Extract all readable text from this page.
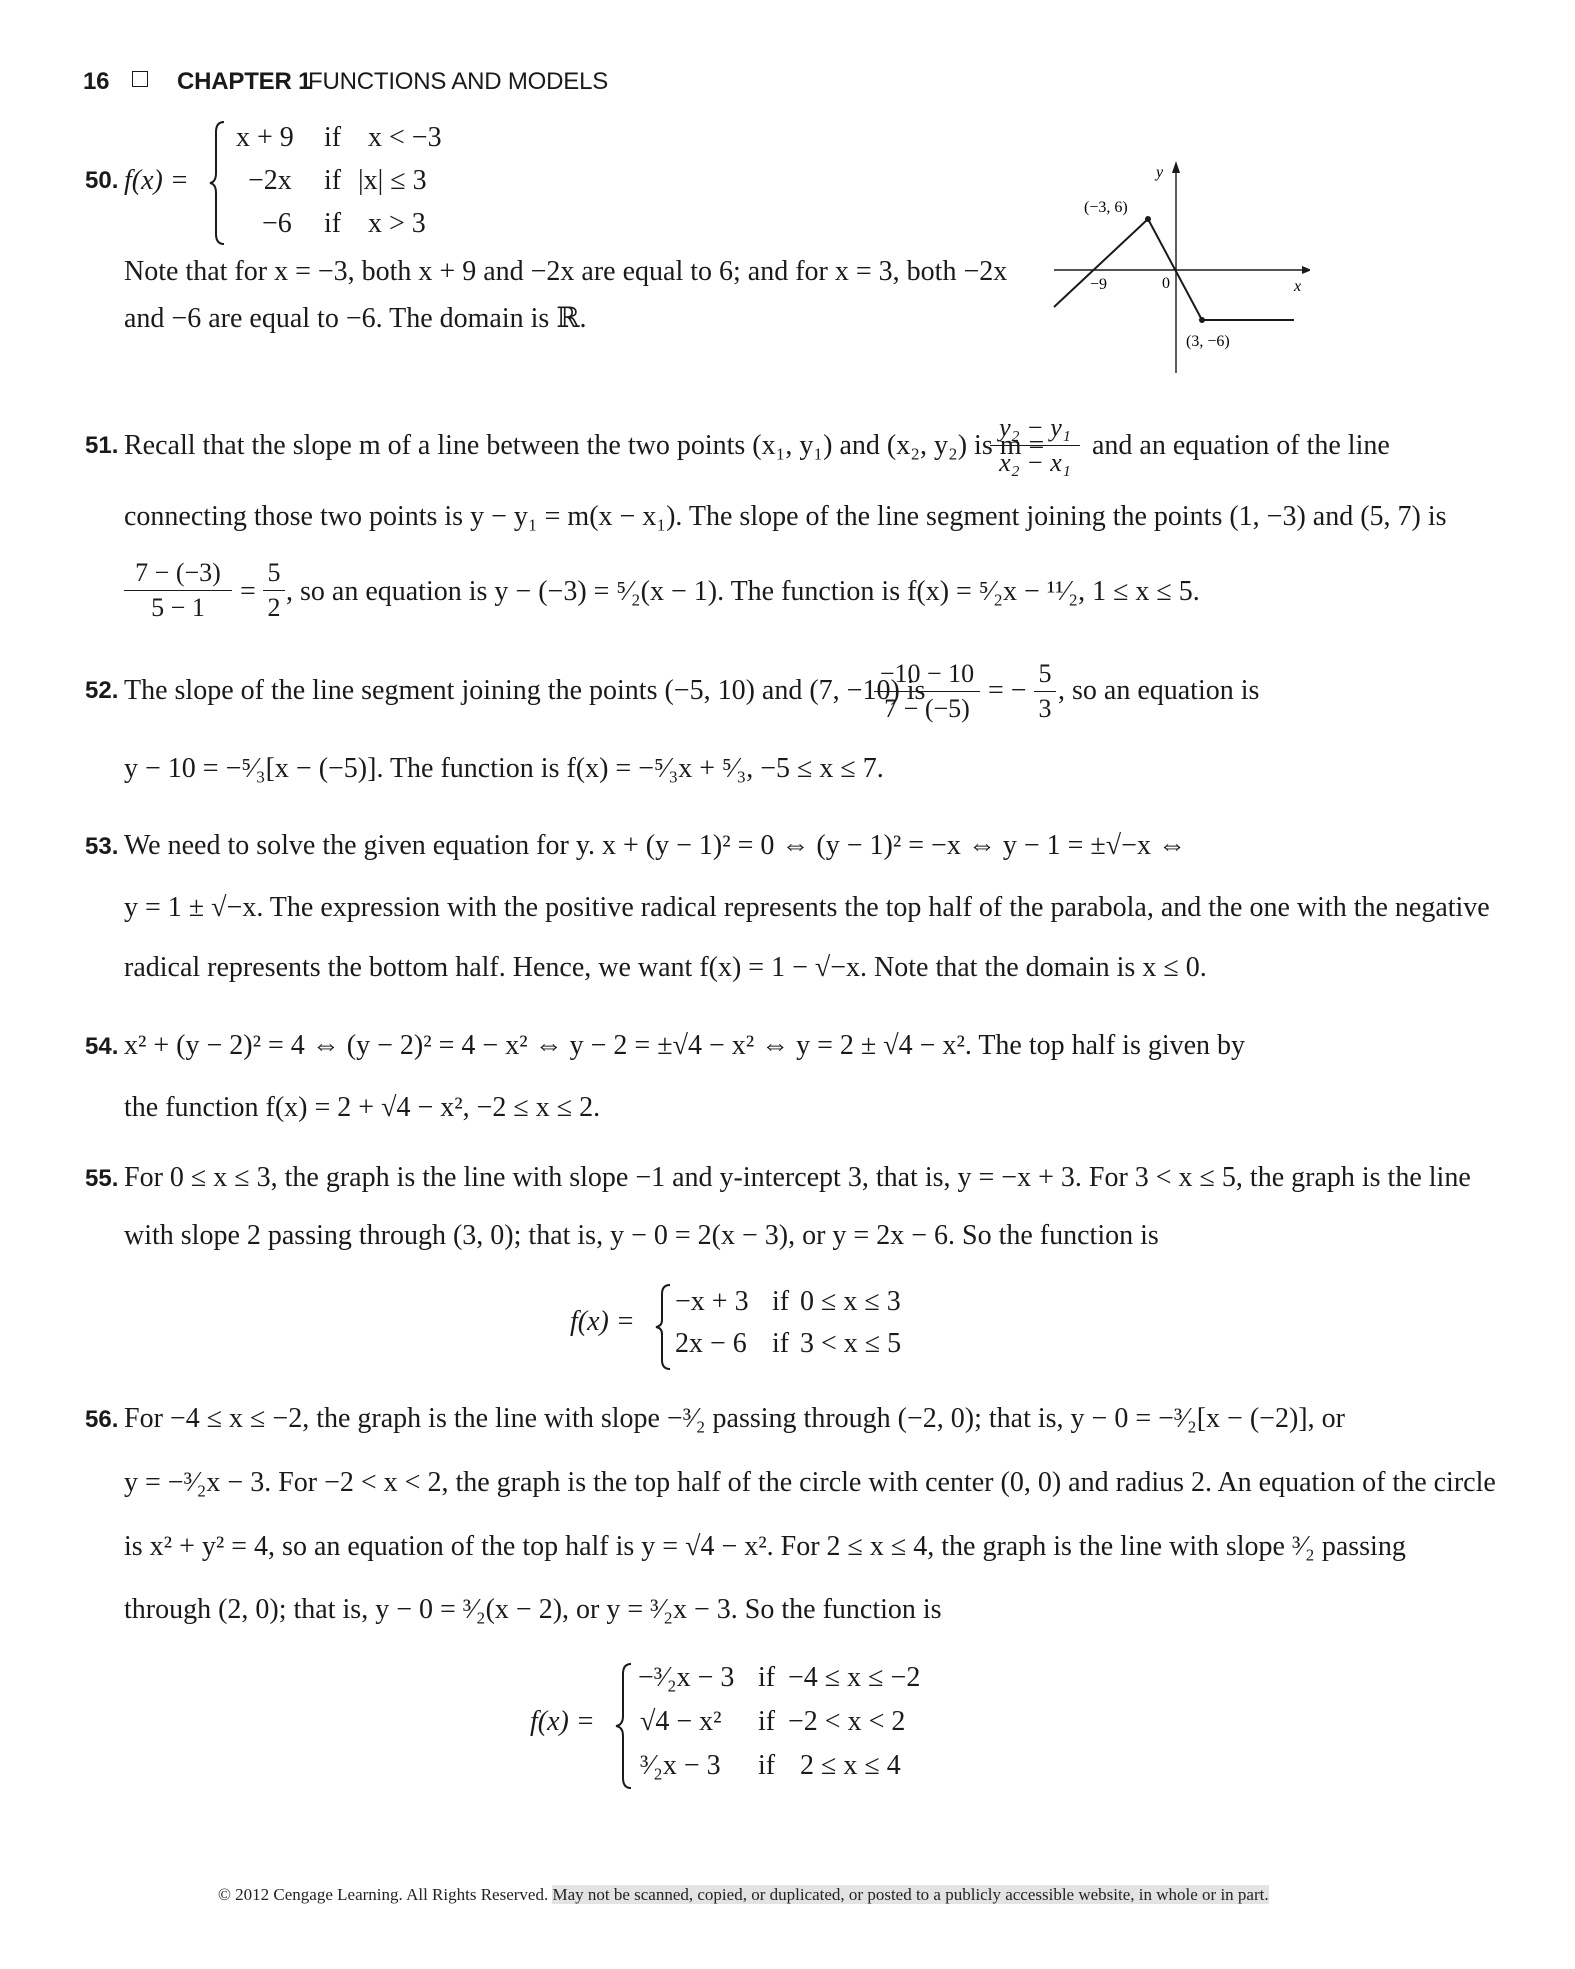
16	CHAPTER 1
FUNCTIONS AND MODELS
50. f(x) =
x + 9 if x < −3
−2x if |x| ≤ 3
−6 if x > 3
Note that for x = −3, both x + 9 and −2x are equal to 6; and for x = 3, both −2x
and −6 are equal to −6. The domain is ℝ.
y
x
0
−9
(−3, 6)
(3, −6)
51. Recall that the slope m of a line between the two points (x₁, y₁) and (x₂, y₂) is m =
$\frac{\text{y₂ − y₁}}{\text{x₂ − x₁}}$ and an equation of the line
connecting those two points is y − y₁ = m(x − x₁). The slope of the line segment joining the points (1, −3) and (5, 7) is
$\frac{7 - (-3)}{5 - 1} = \frac{5}{2}$ , so an equation is y − (−3) = ⁵⁄₂(x − 1). The function is f(x) = ⁵⁄₂x − ¹¹⁄₂, 1 ≤ x ≤ 5.
52. The slope of the line segment joining the points (−5, 10) and (7, −10) is
$\frac{-10 - 10}{7 - (-5)}$ = − $\frac{5}{3}$ , so an equation is
y − 10 = −⁵⁄₃[x − (−5)]. The function is f(x) = −⁵⁄₃x + ⁵⁄₃, −5 ≤ x ≤ 7.
53. We need to solve the given equation for y. x + (y − 1)² = 0 ⇔ (y − 1)² = −x ⇔ y − 1 = ±√−x ⇔
y = 1 ± √−x. The expression with the positive radical represents the top half of the parabola, and the one with the negative
radical represents the bottom half. Hence, we want f(x) = 1 − √−x. Note that the domain is x ≤ 0.
54. x² + (y − 2)² = 4 ⇔ (y − 2)² = 4 − x² ⇔ y − 2 = ±√4 − x² ⇔ y = 2 ± √4 − x². The top half is given by
the function f(x) = 2 + √4 − x², −2 ≤ x ≤ 2.
55. For 0 ≤ x ≤ 3, the graph is the line with slope −1 and y-intercept 3, that is, y = −x + 3. For 3 < x ≤ 5, the graph is the line
with slope 2 passing through (3, 0); that is, y − 0 = 2(x − 3), or y = 2x − 6. So the function is
f(x) =
−x + 3 if 0 ≤ x ≤ 3
2x − 6 if 3 < x ≤ 5
56. For −4 ≤ x ≤ −2, the graph is the line with slope −³⁄₂ passing through (−2, 0); that is, y − 0 = −³⁄₂[x − (−2)], or
y = −³⁄₂x − 3. For −2 < x < 2, the graph is the top half of the circle with center (0, 0) and radius 2. An equation of the circle
is x² + y² = 4, so an equation of the top half is y = √4 − x². For 2 ≤ x ≤ 4, the graph is the line with slope ³⁄₂ passing
through (2, 0); that is, y − 0 = ³⁄₂(x − 2), or y = ³⁄₂x − 3. So the function is
f(x) =
−³⁄₂x − 3 if −4 ≤ x ≤ −2
√4 − x² if −2 < x < 2
³⁄₂x − 3 if 2 ≤ x ≤ 4
© 2012 Cengage Learning. All Rights Reserved. May not be scanned, copied, or duplicated, or posted to a publicly accessible website, in whole or in part.
